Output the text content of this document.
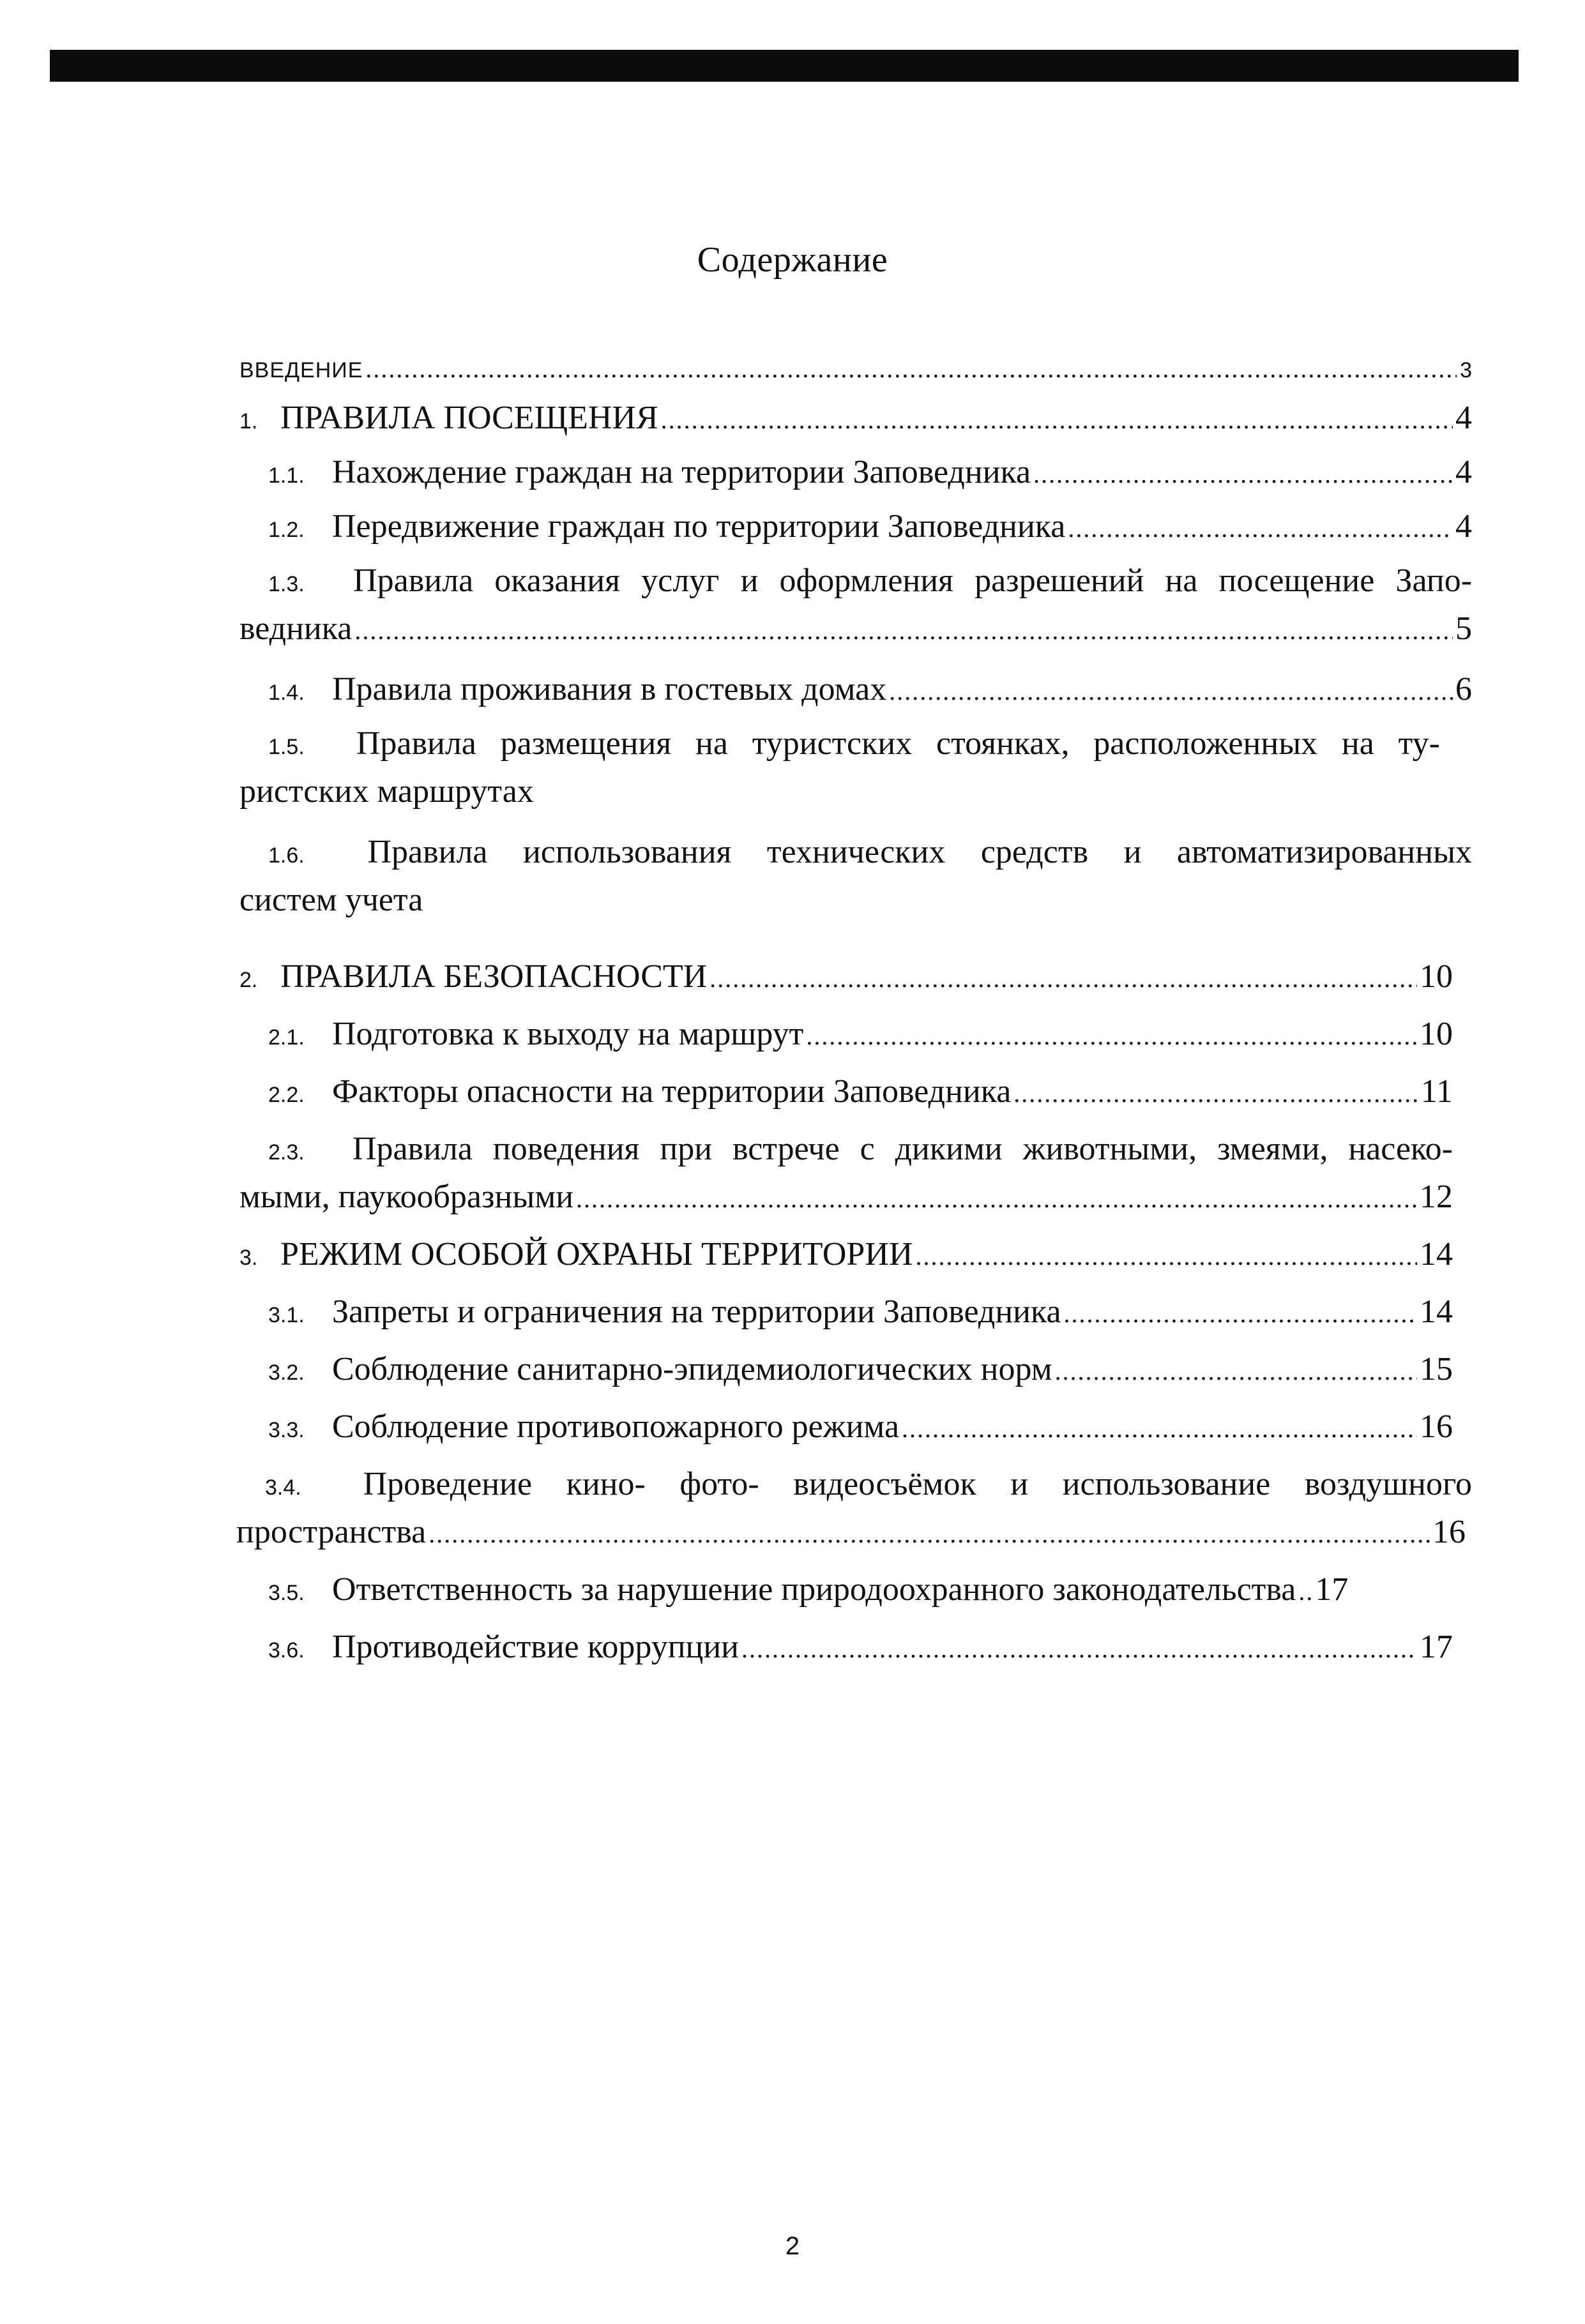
Содержание
ВВЕДЕНИЕ .....	3
1. ПРАВИЛА ПОСЕЩЕНИЯ .....	4
1.1. Нахождение граждан на территории Заповедника .....	4
1.2. Передвижение граждан по территории Заповедника .....	4
1.3. Правила оказания услуг и оформления разрешений на посещение Запо-
ведника .....	5
1.4. Правила проживания в гостевых домах .....	6
1.5. Правила размещения на туристских стоянках, расположенных на ту-
ристских маршрутах
1.6. Правила использования технических средств и автоматизированных
систем учета
2. ПРАВИЛА БЕЗОПАСНОСТИ .....	10
2.1. Подготовка к выходу на маршрут .....	10
2.2. Факторы опасности на территории Заповедника .....	11
2.3. Правила поведения при встрече с дикими животными, змеями, насеко-
мыми, паукообразными .....	12
3. РЕЖИМ ОСОБОЙ ОХРАНЫ ТЕРРИТОРИИ .....	14
3.1. Запреты и ограничения на территории Заповедника .....	14
3.2. Соблюдение санитарно-эпидемиологических норм .....	15
3.3. Соблюдение противопожарного режима .....	16
3.4. Проведение кино- фото- видеосъёмок и использование воздушного
пространства .....	16
3.5. Ответственность за нарушение природоохранного законодательства ..... 17
3.6. Противодействие коррупции .....	17
2
